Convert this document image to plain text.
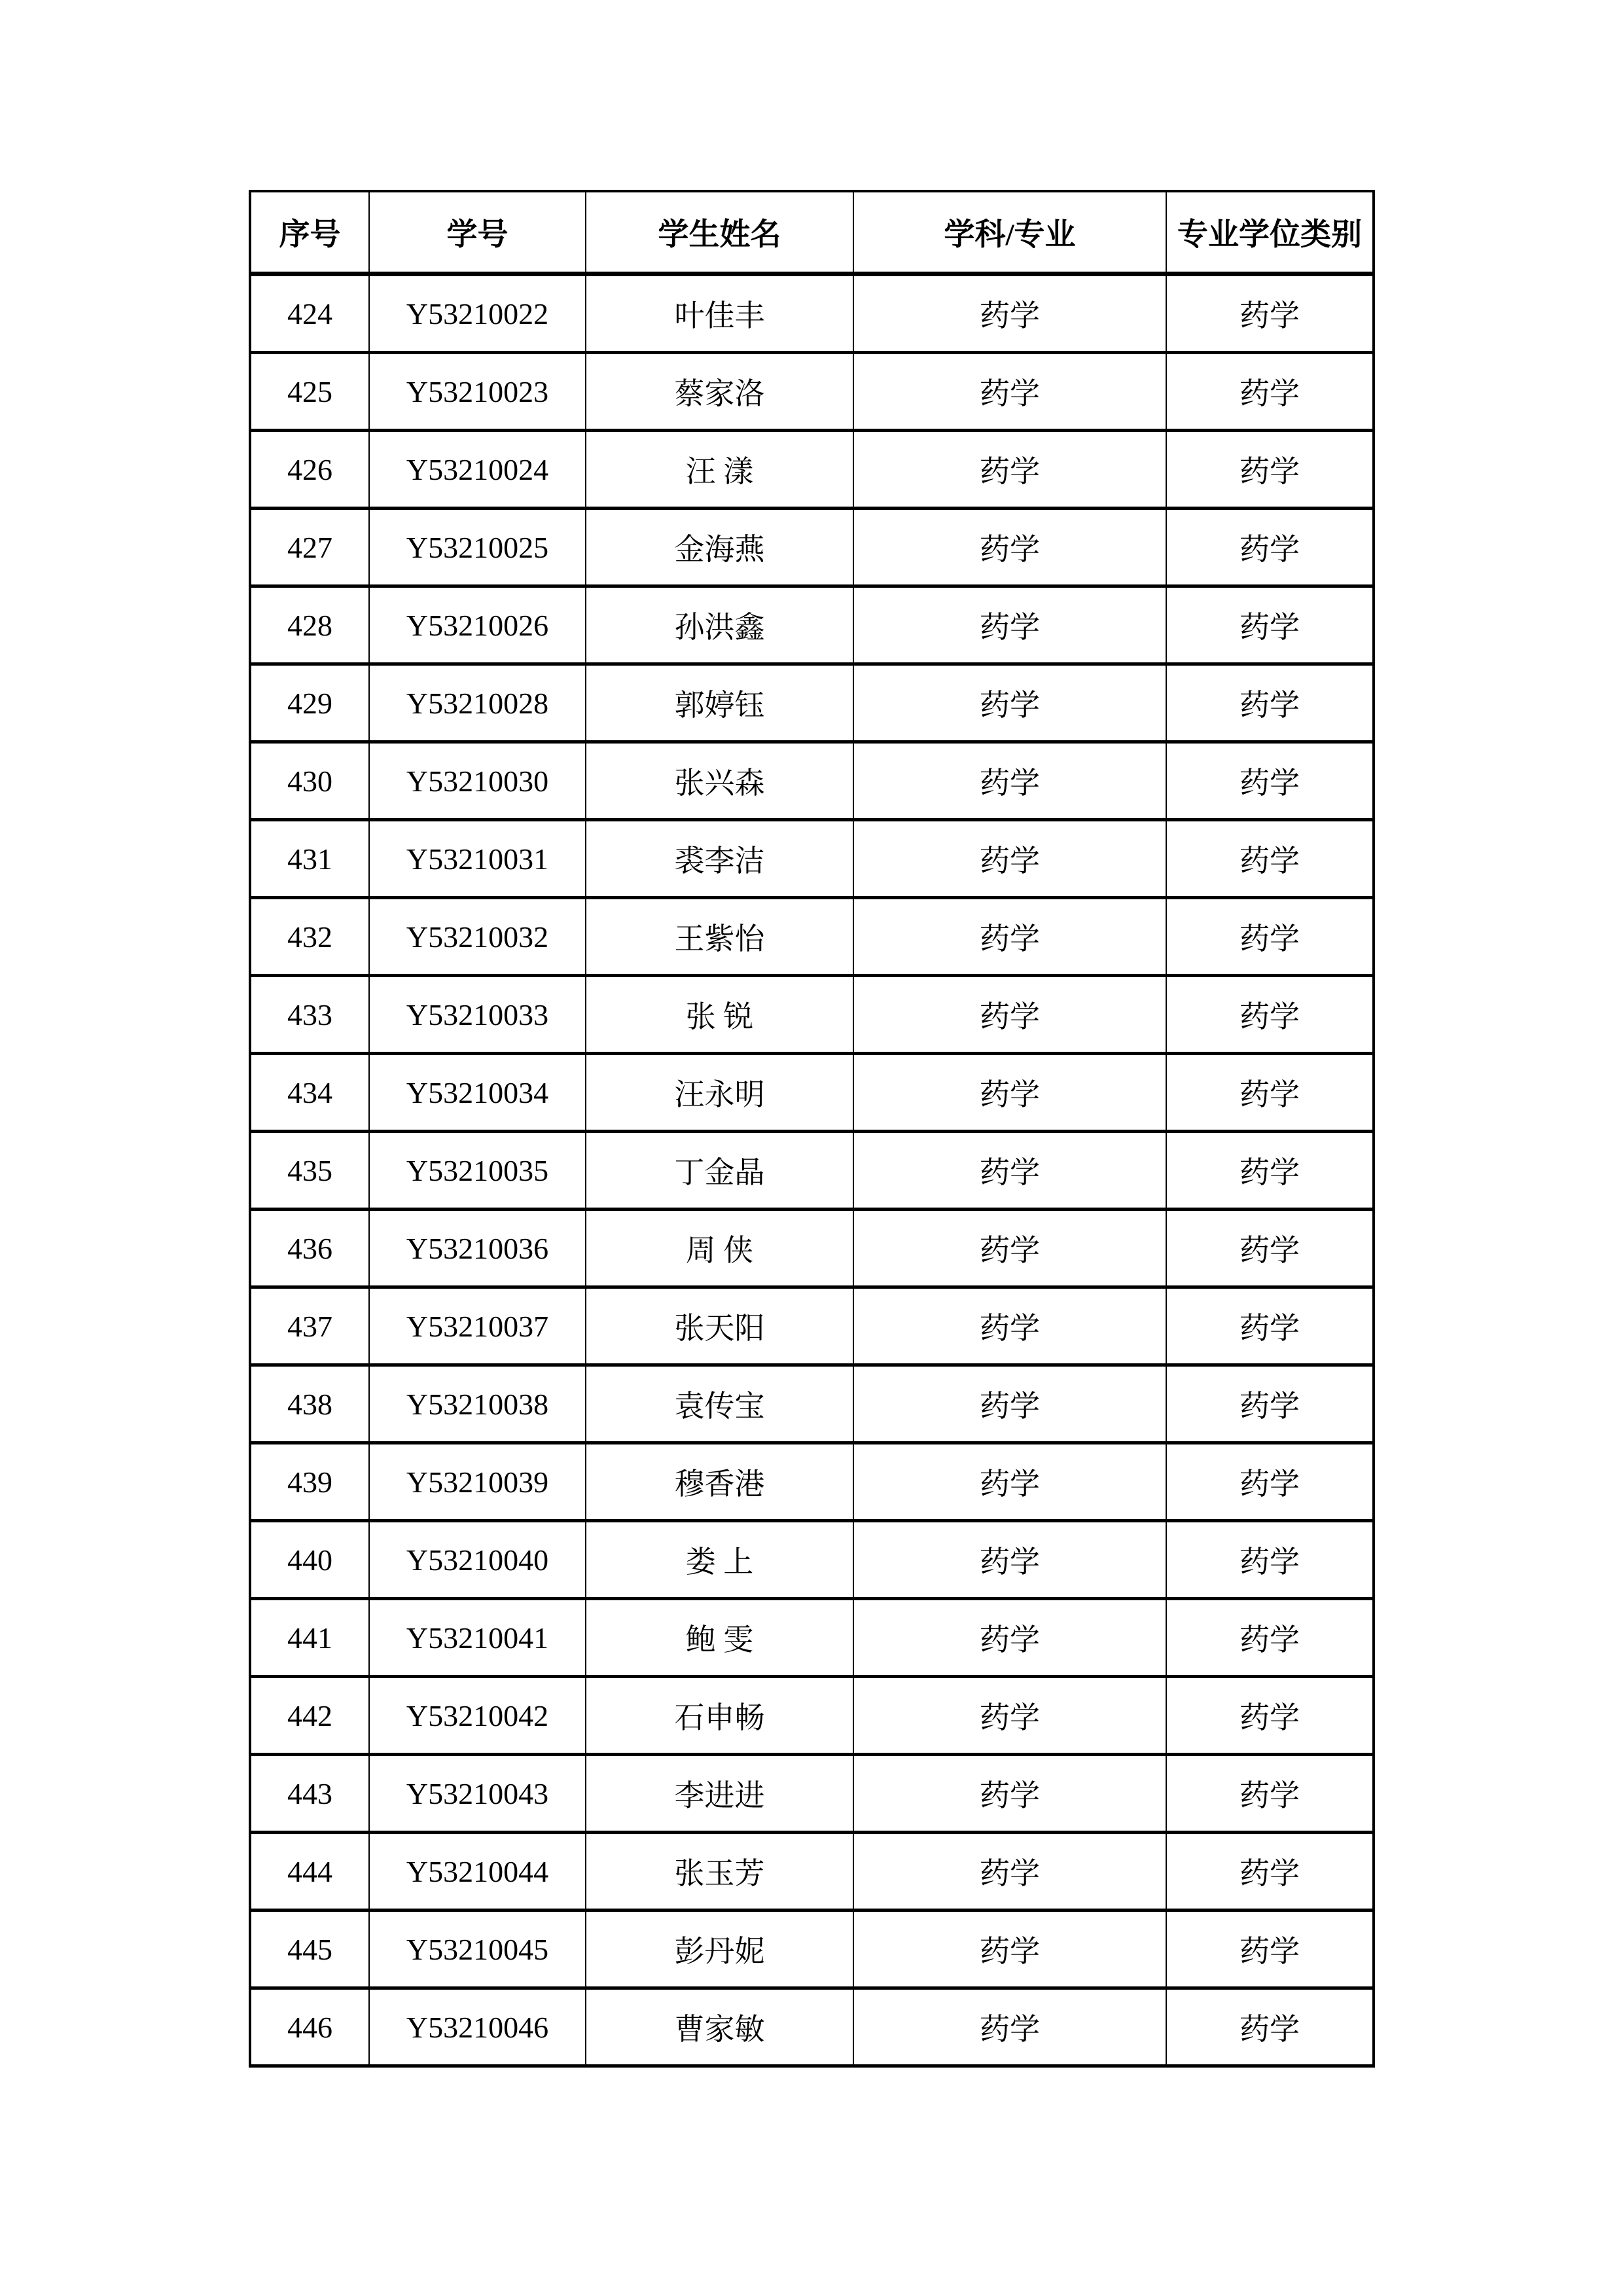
序号	学号	学生姓名	学科/专业	专业学位类别
424	Y53210022	叶佳丰	药学	药学
425	Y53210023	蔡家洛	药学	药学
426	Y53210024	汪 漾	药学	药学
427	Y53210025	金海燕	药学	药学
428	Y53210026	孙洪鑫	药学	药学
429	Y53210028	郭婷钰	药学	药学
430	Y53210030	张兴森	药学	药学
431	Y53210031	裘李洁	药学	药学
432	Y53210032	王紫怡	药学	药学
433	Y53210033	张 锐	药学	药学
434	Y53210034	汪永明	药学	药学
435	Y53210035	丁金晶	药学	药学
436	Y53210036	周 侠	药学	药学
437	Y53210037	张天阳	药学	药学
438	Y53210038	袁传宝	药学	药学
439	Y53210039	穆香港	药学	药学
440	Y53210040	娄 上	药学	药学
441	Y53210041	鲍 雯	药学	药学
442	Y53210042	石申畅	药学	药学
443	Y53210043	李进进	药学	药学
444	Y53210044	张玉芳	药学	药学
445	Y53210045	彭丹妮	药学	药学
446	Y53210046	曹家敏	药学	药学
